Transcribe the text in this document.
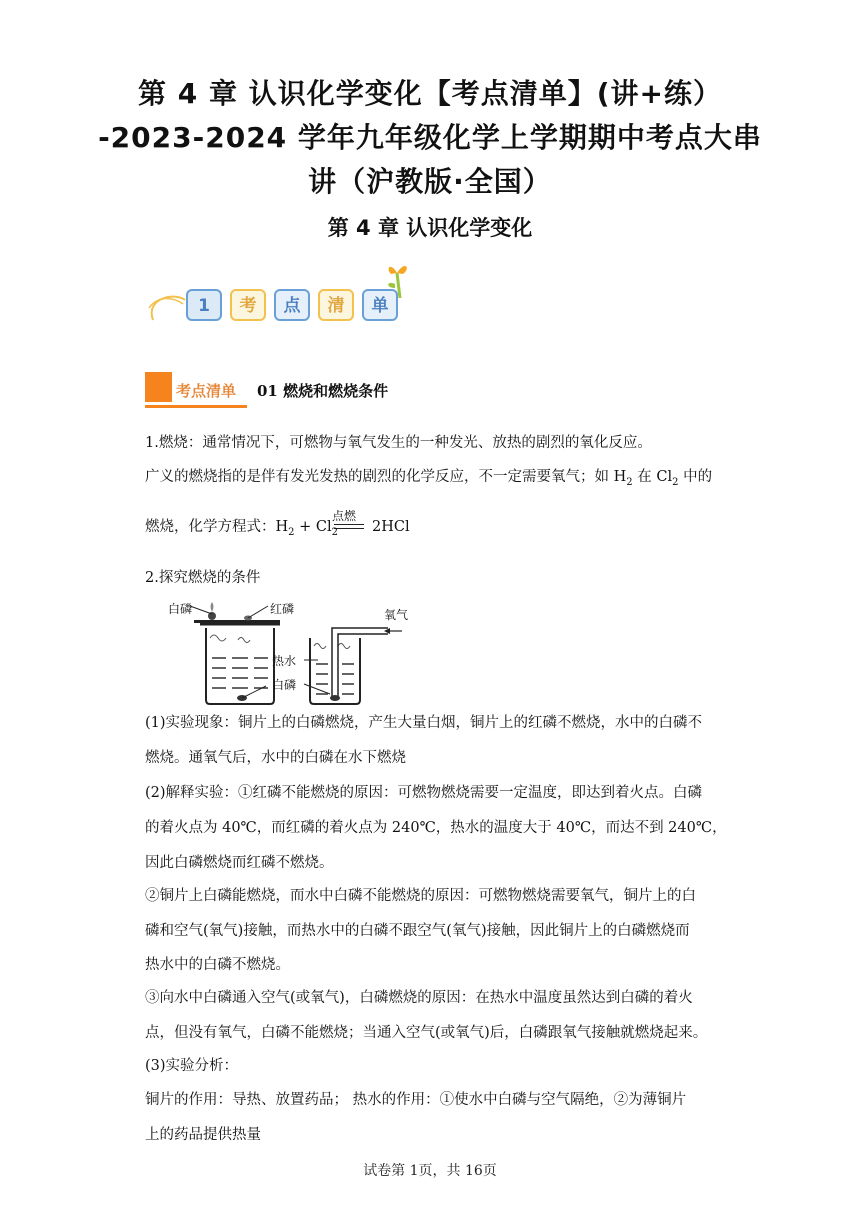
第 4 章 认识化学变化【考点清单】(讲+练）
-2023-2024 学年九年级化学上学期期中考点大串
讲（沪教版·全国）
第 4 章 认识化学变化
1	考	点	清	单
考点清单 01 燃烧和燃烧条件
1.燃烧：通常情况下，可燃物与氧气发生的一种发光、放热的剧烈的氧化反应。
广义的燃烧指的是伴有发光发热的剧烈的化学反应，不一定需要氧气；如 $H_2$ 在 $Cl_2$ 中的
点燃
燃烧，化学方程式：$H_2 + Cl_2$ 2HCl
2.探究燃烧的条件
白磷	红磷	氧气
热水
白磷
(1)实验现象：铜片上的白磷燃烧，产生大量白烟，铜片上的红磷不燃烧，水中的白磷不
燃烧。通氧气后，水中的白磷在水下燃烧
(2)解释实验：①红磷不能燃烧的原因：可燃物燃烧需要一定温度，即达到着火点。白磷
的着火点为 40℃，而红磷的着火点为 240℃，热水的温度大于 40℃，而达不到 240℃，
因此白磷燃烧而红磷不燃烧。
②铜片上白磷能燃烧，而水中白磷不能燃烧的原因：可燃物燃烧需要氧气，铜片上的白
磷和空气(氧气)接触，而热水中的白磷不跟空气(氧气)接触，因此铜片上的白磷燃烧而
热水中的白磷不燃烧。
③向水中白磷通入空气(或氧气)，白磷燃烧的原因：在热水中温度虽然达到白磷的着火
点，但没有氧气，白磷不能燃烧；当通入空气(或氧气)后，白磷跟氧气接触就燃烧起来。
(3)实验分析：
铜片的作用：导热、放置药品； 热水的作用：①使水中白磷与空气隔绝，②为薄铜片
上的药品提供热量
试卷第 1页，共 16页
